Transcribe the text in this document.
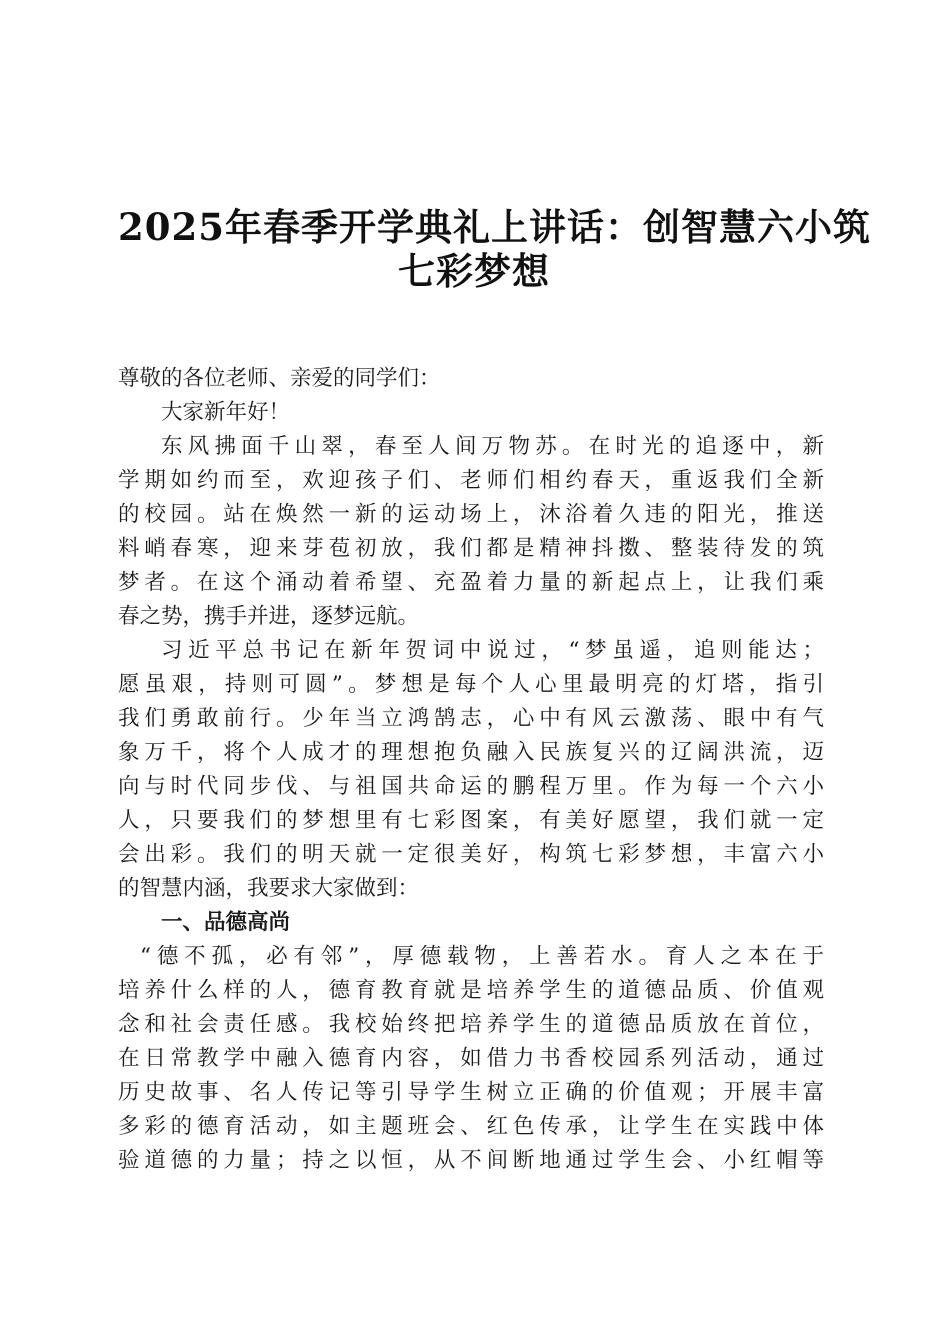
2025年春季开学典礼上讲话：创智慧六小筑
七彩梦想
尊敬的各位老师、亲爱的同学们：
大家新年好！
东风拂面千山翠，春至人间万物苏。在时光的追逐中，新
学期如约而至，欢迎孩子们、老师们相约春天，重返我们全新
的校园。站在焕然一新的运动场上，沐浴着久违的阳光，推送
料峭春寒，迎来芽苞初放，我们都是精神抖擞、整装待发的筑
梦者。在这个涌动着希望、充盈着力量的新起点上，让我们乘
春之势，携手并进，逐梦远航。
习近平总书记在新年贺词中说过，“梦虽遥，追则能达；
愿虽艰，持则可圆”。梦想是每个人心里最明亮的灯塔，指引
我们勇敢前行。少年当立鸿鹄志，心中有风云激荡、眼中有气
象万千，将个人成才的理想抱负融入民族复兴的辽阔洪流，迈
向与时代同步伐、与祖国共命运的鹏程万里。作为每一个六小
人，只要我们的梦想里有七彩图案，有美好愿望，我们就一定
会出彩。我们的明天就一定很美好，构筑七彩梦想，丰富六小
的智慧内涵，我要求大家做到：
一、品德高尚
“德不孤，必有邻”，厚德载物，上善若水。育人之本在于
培养什么样的人，德育教育就是培养学生的道德品质、价值观
念和社会责任感。我校始终把培养学生的道德品质放在首位，
在日常教学中融入德育内容，如借力书香校园系列活动，通过
历史故事、名人传记等引导学生树立正确的价值观；开展丰富
多彩的德育活动，如主题班会、红色传承，让学生在实践中体
验道德的力量；持之以恒，从不间断地通过学生会、小红帽等
